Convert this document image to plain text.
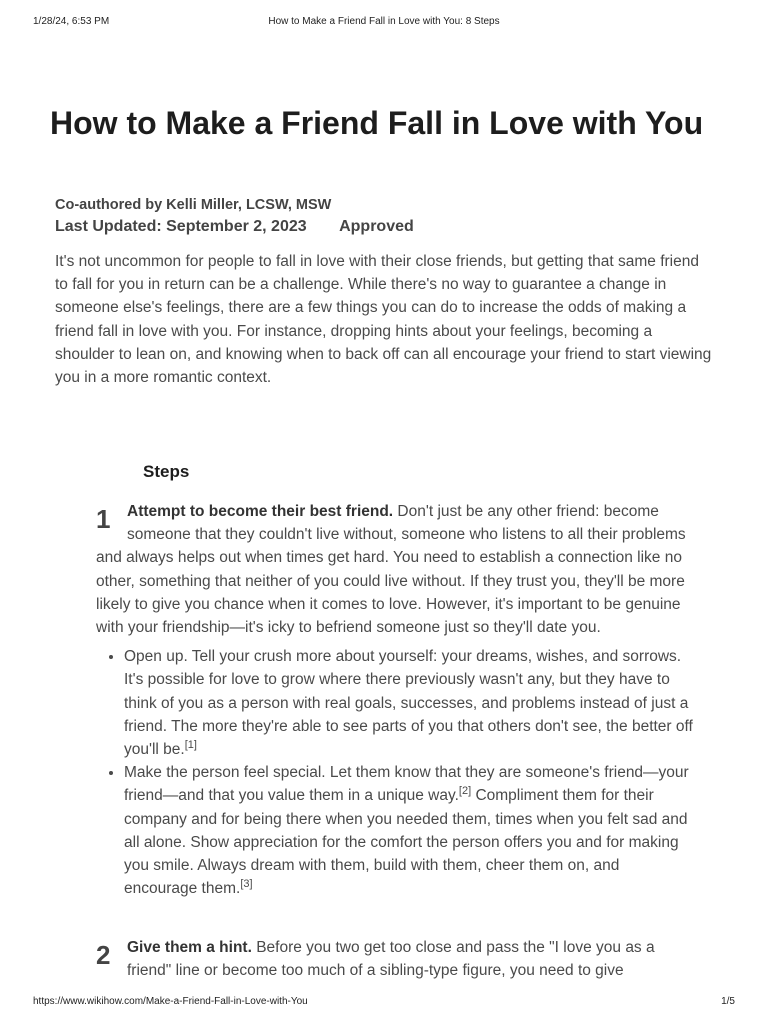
1/28/24, 6:53 PM	How to Make a Friend Fall in Love with You: 8 Steps
How to Make a Friend Fall in Love with You

Co-authored by Kelli Miller, LCSW, MSW

Last Updated: September 2, 2023 Approved

It's not uncommon for people to fall in love with their close friends, but getting that same friend to fall for you in return can be a challenge. While there's no way to guarantee a change in someone else's feelings, there are a few things you can do to increase the odds of making a friend fall in love with you. For instance, dropping hints about your feelings, becoming a shoulder to lean on, and knowing when to back off can all encourage your friend to start viewing you in a more romantic context.

Steps
1	Attempt to become their best friend. Don't just be any other friend: become someone that they couldn't live without, someone who listens to all their problems and always helps out when times get hard. You need to establish a connection like no other, something that neither of you could live without. If they trust you, they'll be more likely to give you chance when it comes to love. However, it's important to be genuine with your friendship—it's icky to befriend someone just so they'll date you.

• Open up. Tell your crush more about yourself: your dreams, wishes, and sorrows. It's possible for love to grow where there previously wasn't any, but they have to think of you as a person with real goals, successes, and problems instead of just a friend. The more they're able to see parts of you that others don't see, the better off you'll be.[1]
• Make the person feel special. Let them know that they are someone's friend—your friend—and that you value them in a unique way.[2] Compliment them for their company and for being there when you needed them, times when you felt sad and all alone. Show appreciation for the comfort the person offers you and for making you smile. Always dream with them, build with them, cheer them on, and encourage them.[3]
2	Give them a hint. Before you two get too close and pass the "I love you as a friend" line or become too much of a sibling-type figure, you need to give

https://www.wikihow.com/Make-a-Friend-Fall-in-Love-with-You	1/5
